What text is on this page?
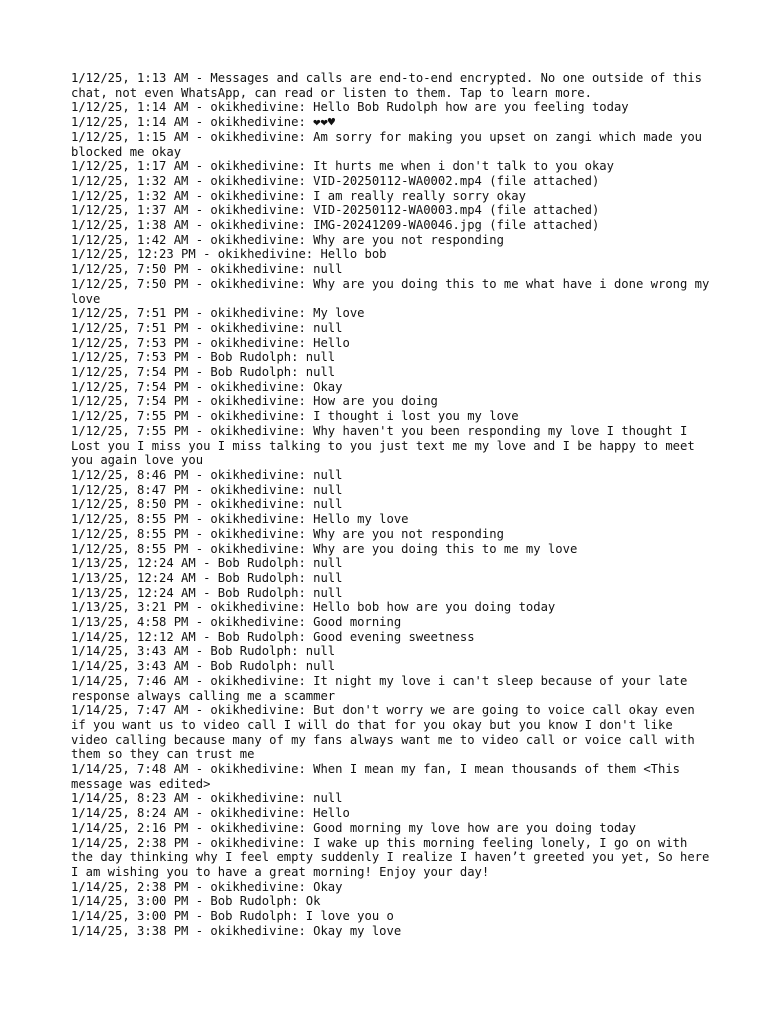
1/12/25, 1:13 AM - Messages and calls are end-to-end encrypted. No one outside of this chat, not even WhatsApp, can read or listen to them. Tap to learn more.
1/12/25, 1:14 AM - okikhedivine: Hello Bob Rudolph how are you feeling today
1/12/25, 1:14 AM - okikhedivine: ❤❤♥
1/12/25, 1:15 AM - okikhedivine: Am sorry for making you upset on zangi which made you blocked me okay
1/12/25, 1:17 AM - okikhedivine: It hurts me when i don't talk to you okay
1/12/25, 1:32 AM - okikhedivine: VID-20250112-WA0002.mp4 (file attached)
1/12/25, 1:32 AM - okikhedivine: I am really really sorry okay
1/12/25, 1:37 AM - okikhedivine: VID-20250112-WA0003.mp4 (file attached)
1/12/25, 1:38 AM - okikhedivine: IMG-20241209-WA0046.jpg (file attached)
1/12/25, 1:42 AM - okikhedivine: Why are you not responding
1/12/25, 12:23 PM - okikhedivine: Hello bob
1/12/25, 7:50 PM - okikhedivine: null
1/12/25, 7:50 PM - okikhedivine: Why are you doing this to me what have i done wrong my love
1/12/25, 7:51 PM - okikhedivine: My love
1/12/25, 7:51 PM - okikhedivine: null
1/12/25, 7:53 PM - okikhedivine: Hello
1/12/25, 7:53 PM - Bob Rudolph: null
1/12/25, 7:54 PM - Bob Rudolph: null
1/12/25, 7:54 PM - okikhedivine: Okay
1/12/25, 7:54 PM - okikhedivine: How are you doing
1/12/25, 7:55 PM - okikhedivine: I thought i lost you my love
1/12/25, 7:55 PM - okikhedivine: Why haven't you been responding my love I thought I Lost you I miss you I miss talking to you just text me my love and I be happy to meet you again love you
1/12/25, 8:46 PM - okikhedivine: null
1/12/25, 8:47 PM - okikhedivine: null
1/12/25, 8:50 PM - okikhedivine: null
1/12/25, 8:55 PM - okikhedivine: Hello my love
1/12/25, 8:55 PM - okikhedivine: Why are you not responding
1/12/25, 8:55 PM - okikhedivine: Why are you doing this to me my love
1/13/25, 12:24 AM - Bob Rudolph: null
1/13/25, 12:24 AM - Bob Rudolph: null
1/13/25, 12:24 AM - Bob Rudolph: null
1/13/25, 3:21 PM - okikhedivine: Hello bob how are you doing today
1/13/25, 4:58 PM - okikhedivine: Good morning
1/14/25, 12:12 AM - Bob Rudolph: Good evening sweetness
1/14/25, 3:43 AM - Bob Rudolph: null
1/14/25, 3:43 AM - Bob Rudolph: null
1/14/25, 7:46 AM - okikhedivine: It night my love i can't sleep because of your late response always calling me a scammer
1/14/25, 7:47 AM - okikhedivine: But don't worry we are going to voice call okay even if you want us to video call I will do that for you okay but you know I don't like video calling because many of my fans always want me to video call or voice call with them so they can trust me
1/14/25, 7:48 AM - okikhedivine: When I mean my fan, I mean thousands of them <This message was edited>
1/14/25, 8:23 AM - okikhedivine: null
1/14/25, 8:24 AM - okikhedivine: Hello
1/14/25, 2:16 PM - okikhedivine: Good morning my love how are you doing today
1/14/25, 2:38 PM - okikhedivine: I wake up this morning feeling lonely, I go on with the day thinking why I feel empty suddenly I realize I haven’t greeted you yet, So here I am wishing you to have a great morning! Enjoy your day!
1/14/25, 2:38 PM - okikhedivine: Okay
1/14/25, 3:00 PM - Bob Rudolph: Ok
1/14/25, 3:00 PM - Bob Rudolph: I love you o
1/14/25, 3:38 PM - okikhedivine: Okay my love
